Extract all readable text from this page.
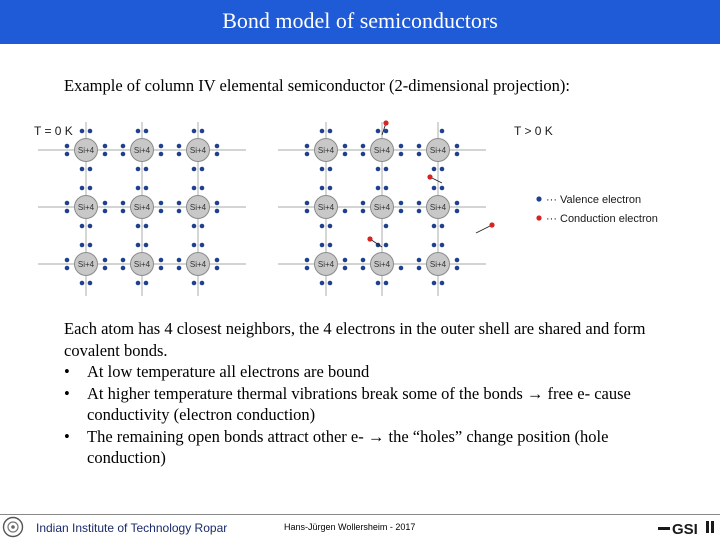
Bond model of semiconductors
Example of column IV elemental semiconductor (2-dimensional projection):
Si+4	Si+4	Si+4
Si+4	Si+4	Si+4
Si+4	Si+4	Si+4
Si+4	Si+4	Si+4
Si+4	Si+4	Si+4
Si+4	Si+4	Si+4
T = 0 K	T > 0 K
··· Valence electron
··· Conduction electron

Each atom has 4 closest neighbors, the 4 electrons in the outer shell are shared and form covalent bonds.

• At low temperature all electrons are bound
• At higher temperature thermal vibrations break some of the bonds → free e- cause conductivity (electron conduction)
• The remaining open bonds attract other e- → the “holes” change position (hole conduction)
Indian Institute of Technology Ropar	Hans-Jürgen Wollersheim - 2017	GSI
